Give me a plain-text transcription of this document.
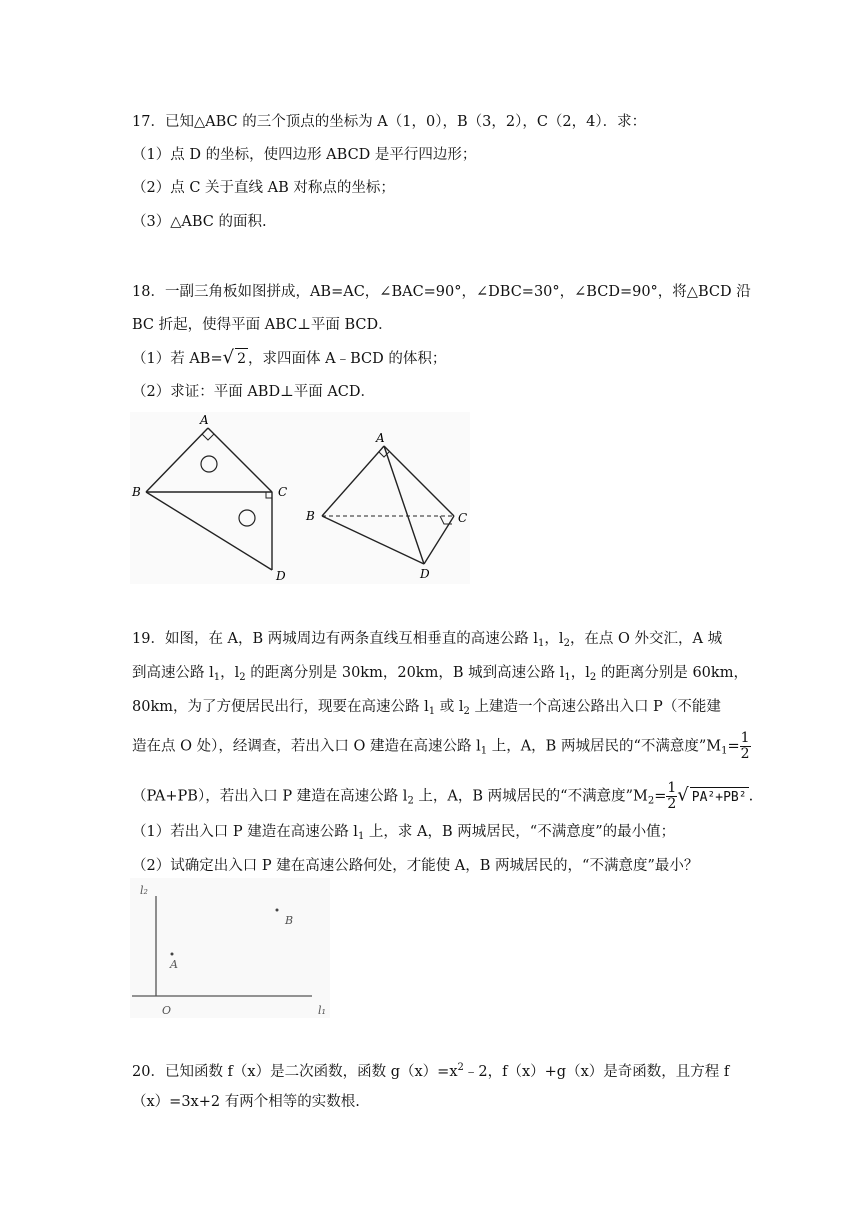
17．已知△ABC 的三个顶点的坐标为 A（1，0），B（3，2），C（2，4）．求：
（1）点 D 的坐标，使四边形 ABCD 是平行四边形；
（2）点 C 关于直线 AB 对称点的坐标；
（3）△ABC 的面积.
18．一副三角板如图拼成，AB=AC，∠BAC=90°，∠DBC=30°，∠BCD=90°，将△BCD 沿
BC 折起，使得平面 ABC⊥平面 BCD．
（1）若 AB=√ 2 ，求四面体 A﹣BCD 的体积；
（2）求证：平面 ABD⊥平面 ACD．
A
B	C
D
A
B	C
D
19．如图，在 A，B 两城周边有两条直线互相垂直的高速公路 $l_1$，$l_2$，在点 O 外交汇，A 城
到高速公路 $l_1$，$l_2$ 的距离分别是 30km，20km，B 城到高速公路 $l_1$，$l_2$ 的距离分别是 60km，
80km，为了方便居民出行，现要在高速公路 $l_1$ 或 $l_2$ 上建造一个高速公路出入口 P（不能建
造在点 O 处），经调查，若出入口 O 建造在高速公路 $l_1$ 上，A，B 两城居民的“不满意度$”M_1= \frac{1}{2}$
（PA+PB），若出入口 P 建造在高速公路 $l_2$ 上，A，B 两城居民的“不满意度$”M_2= \frac{1}{2}$ √ PA²+PB² .
（1）若出入口 P 建造在高速公路 $l_1$ 上，求 A，B 两城居民，“不满意度”的最小值；
（2）试确定出入口 P 建在高速公路何处，才能使 A，B 两城居民的，“不满意度”最小？
l₂
l₁
O
A
B
20．已知函数 f（x）是二次函数，函数 $g(x)=x^2﹣2$，f（x）+g（x）是奇函数，且方程 f
（x）=3x+2 有两个相等的实数根.
